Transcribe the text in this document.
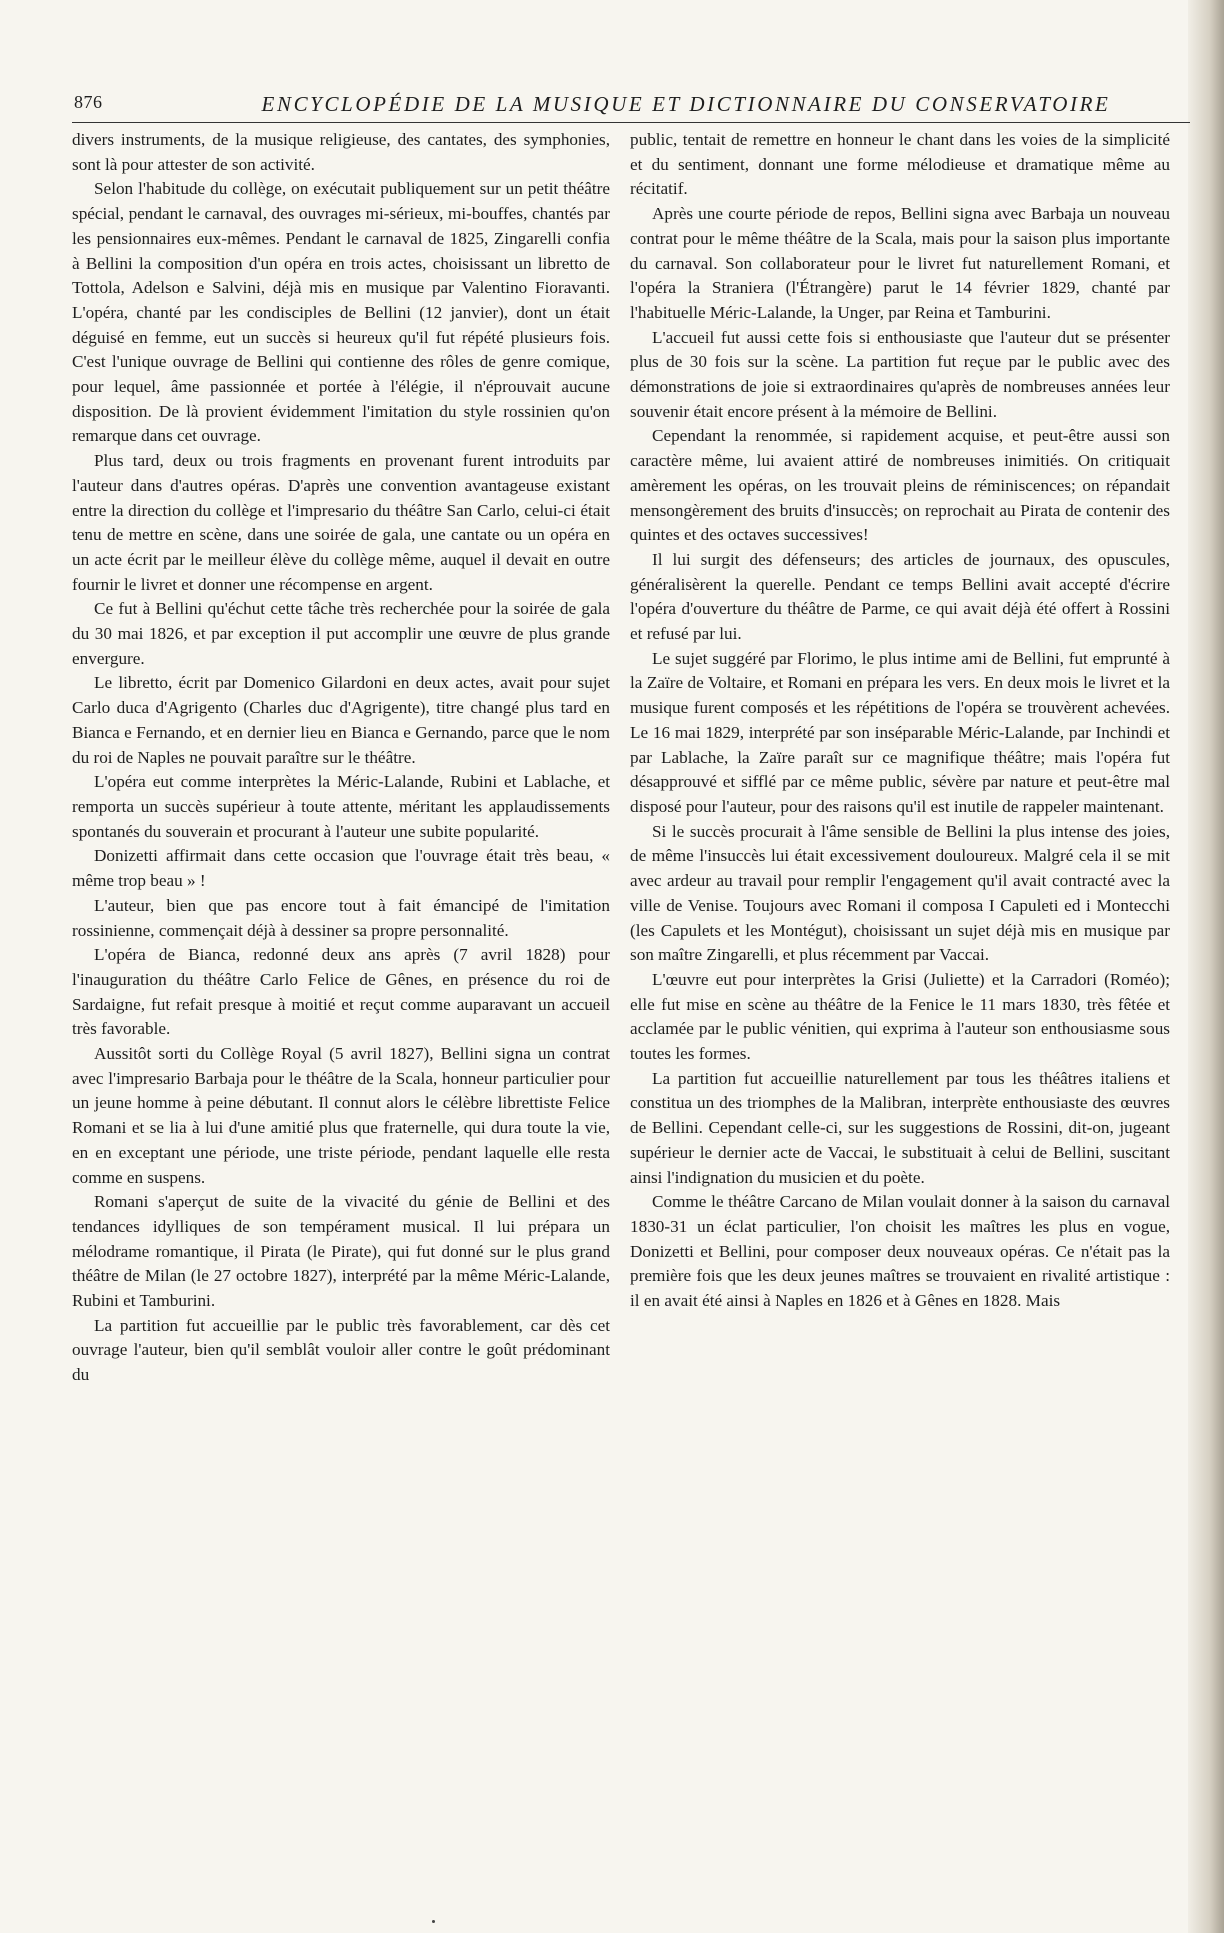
876	ENCYCLOPÉDIE DE LA MUSIQUE ET DICTIONNAIRE DU CONSERVATOIRE

divers instruments, de la musique religieuse, des cantates, des symphonies, sont là pour attester de son activité.

Selon l'habitude du collège, on exécutait publiquement sur un petit théâtre spécial, pendant le carnaval, des ouvrages mi-sérieux, mi-bouffes, chantés par les pensionnaires eux-mêmes. Pendant le carnaval de 1825, Zingarelli confia à Bellini la composition d'un opéra en trois actes, choisissant un libretto de Tottola, Adelson e Salvini, déjà mis en musique par Valentino Fioravanti. L'opéra, chanté par les condisciples de Bellini (12 janvier), dont un était déguisé en femme, eut un succès si heureux qu'il fut répété plusieurs fois. C'est l'unique ouvrage de Bellini qui contienne des rôles de genre comique, pour lequel, âme passionnée et portée à l'élégie, il n'éprouvait aucune disposition. De là provient évidemment l'imitation du style rossinien qu'on remarque dans cet ouvrage.

Plus tard, deux ou trois fragments en provenant furent introduits par l'auteur dans d'autres opéras. D'après une convention avantageuse existant entre la direction du collège et l'impresario du théâtre San Carlo, celui-ci était tenu de mettre en scène, dans une soirée de gala, une cantate ou un opéra en un acte écrit par le meilleur élève du collège même, auquel il devait en outre fournir le livret et donner une récompense en argent.

Ce fut à Bellini qu'échut cette tâche très recherchée pour la soirée de gala du 30 mai 1826, et par exception il put accomplir une œuvre de plus grande envergure.

Le libretto, écrit par Domenico Gilardoni en deux actes, avait pour sujet Carlo duca d'Agrigento (Charles duc d'Agrigente), titre changé plus tard en Bianca e Fernando, et en dernier lieu en Bianca e Gernando, parce que le nom du roi de Naples ne pouvait paraître sur le théâtre.

L'opéra eut comme interprètes la Méric-Lalande, Rubini et Lablache, et remporta un succès supérieur à toute attente, méritant les applaudissements spontanés du souverain et procurant à l'auteur une subite popularité.

Donizetti affirmait dans cette occasion que l'ouvrage était très beau, « même trop beau » !

L'auteur, bien que pas encore tout à fait émancipé de l'imitation rossinienne, commençait déjà à dessiner sa propre personnalité.

L'opéra de Bianca, redonné deux ans après (7 avril 1828) pour l'inauguration du théâtre Carlo Felice de Gênes, en présence du roi de Sardaigne, fut refait presque à moitié et reçut comme auparavant un accueil très favorable.

Aussitôt sorti du Collège Royal (5 avril 1827), Bellini signa un contrat avec l'impresario Barbaja pour le théâtre de la Scala, honneur particulier pour un jeune homme à peine débutant. Il connut alors le célèbre librettiste Felice Romani et se lia à lui d'une amitié plus que fraternelle, qui dura toute la vie, en en exceptant une période, une triste période, pendant laquelle elle resta comme en suspens.

Romani s'aperçut de suite de la vivacité du génie de Bellini et des tendances idylliques de son tempérament musical. Il lui prépara un mélodrame romantique, il Pirata (le Pirate), qui fut donné sur le plus grand théâtre de Milan (le 27 octobre 1827), interprété par la même Méric-Lalande, Rubini et Tamburini.

La partition fut accueillie par le public très favorablement, car dès cet ouvrage l'auteur, bien qu'il semblât vouloir aller contre le goût prédominant du

public, tentait de remettre en honneur le chant dans les voies de la simplicité et du sentiment, donnant une forme mélodieuse et dramatique même au récitatif.

Après une courte période de repos, Bellini signa avec Barbaja un nouveau contrat pour le même théâtre de la Scala, mais pour la saison plus importante du carnaval. Son collaborateur pour le livret fut naturellement Romani, et l'opéra la Straniera (l'Étrangère) parut le 14 février 1829, chanté par l'habituelle Méric-Lalande, la Unger, par Reina et Tamburini.

L'accueil fut aussi cette fois si enthousiaste que l'auteur dut se présenter plus de 30 fois sur la scène. La partition fut reçue par le public avec des démonstrations de joie si extraordinaires qu'après de nombreuses années leur souvenir était encore présent à la mémoire de Bellini.

Cependant la renommée, si rapidement acquise, et peut-être aussi son caractère même, lui avaient attiré de nombreuses inimitiés. On critiquait amèrement les opéras, on les trouvait pleins de réminiscences; on répandait mensongèrement des bruits d'insuccès; on reprochait au Pirata de contenir des quintes et des octaves successives!

Il lui surgit des défenseurs; des articles de journaux, des opuscules, généralisèrent la querelle. Pendant ce temps Bellini avait accepté d'écrire l'opéra d'ouverture du théâtre de Parme, ce qui avait déjà été offert à Rossini et refusé par lui.

Le sujet suggéré par Florimo, le plus intime ami de Bellini, fut emprunté à la Zaïre de Voltaire, et Romani en prépara les vers. En deux mois le livret et la musique furent composés et les répétitions de l'opéra se trouvèrent achevées. Le 16 mai 1829, interprété par son inséparable Méric-Lalande, par Inchindi et par Lablache, la Zaïre paraît sur ce magnifique théâtre; mais l'opéra fut désapprouvé et sifflé par ce même public, sévère par nature et peut-être mal disposé pour l'auteur, pour des raisons qu'il est inutile de rappeler maintenant.

Si le succès procurait à l'âme sensible de Bellini la plus intense des joies, de même l'insuccès lui était excessivement douloureux. Malgré cela il se mit avec ardeur au travail pour remplir l'engagement qu'il avait contracté avec la ville de Venise. Toujours avec Romani il composa I Capuleti ed i Montecchi (les Capulets et les Montégut), choisissant un sujet déjà mis en musique par son maître Zingarelli, et plus récemment par Vaccai.

L'œuvre eut pour interprètes la Grisi (Juliette) et la Carradori (Roméo); elle fut mise en scène au théâtre de la Fenice le 11 mars 1830, très fêtée et acclamée par le public vénitien, qui exprima à l'auteur son enthousiasme sous toutes les formes.

La partition fut accueillie naturellement par tous les théâtres italiens et constitua un des triomphes de la Malibran, interprète enthousiaste des œuvres de Bellini. Cependant celle-ci, sur les suggestions de Rossini, dit-on, jugeant supérieur le dernier acte de Vaccai, le substituait à celui de Bellini, suscitant ainsi l'indignation du musicien et du poète.

Comme le théâtre Carcano de Milan voulait donner à la saison du carnaval 1830-31 un éclat particulier, l'on choisit les maîtres les plus en vogue, Donizetti et Bellini, pour composer deux nouveaux opéras. Ce n'était pas la première fois que les deux jeunes maîtres se trouvaient en rivalité artistique : il en avait été ainsi à Naples en 1826 et à Gênes en 1828. Mais
